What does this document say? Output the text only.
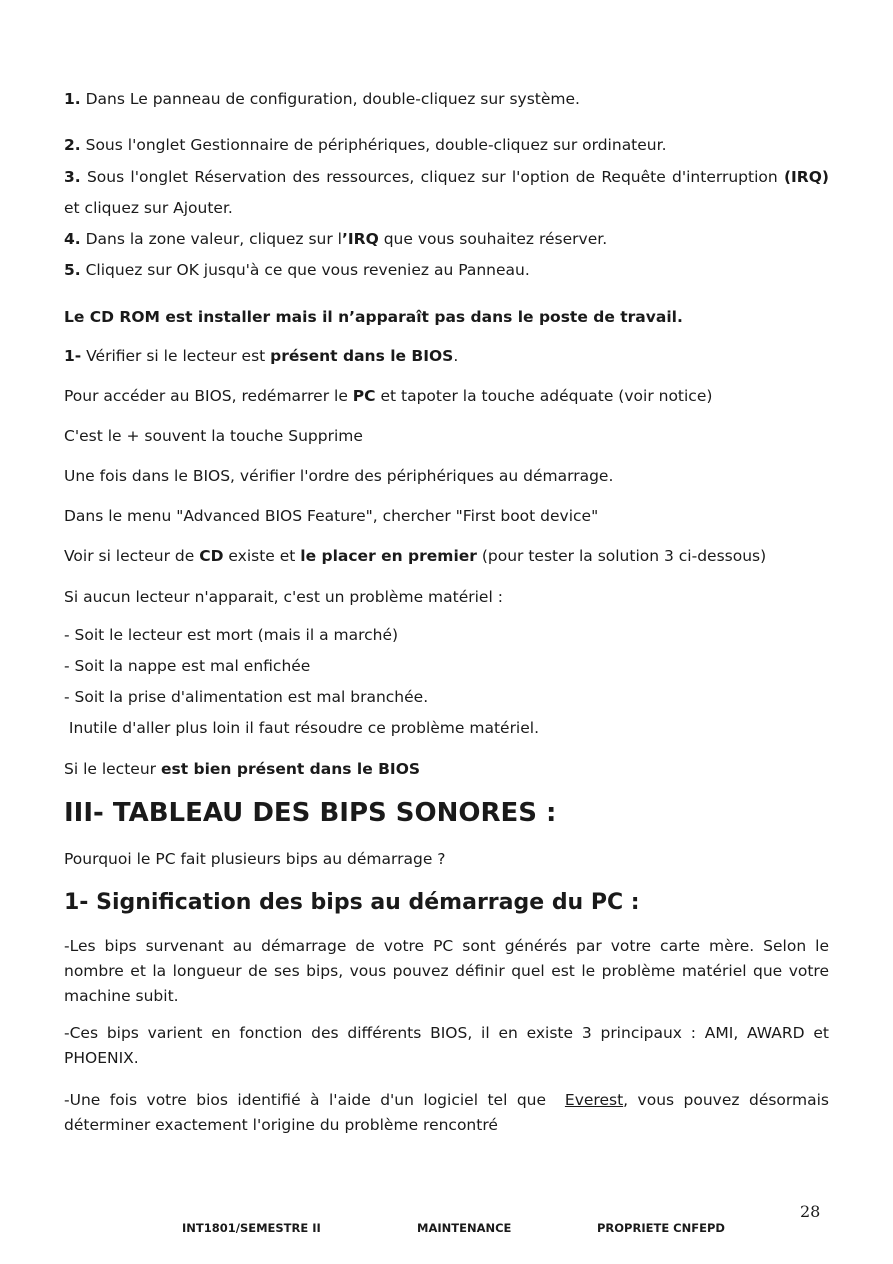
1. Dans Le panneau de configuration, double-cliquez sur système.
2. Sous l'onglet Gestionnaire de périphériques, double-cliquez sur ordinateur.
3. Sous l'onglet Réservation des ressources, cliquez sur l'option de Requête d'interruption (IRQ) et cliquez sur Ajouter.
4. Dans la zone valeur, cliquez sur l’IRQ que vous souhaitez réserver.
5. Cliquez sur OK jusqu'à ce que vous reveniez au Panneau.
Le CD ROM est installer mais il n’apparaît pas dans le poste de travail.
1- Vérifier si le lecteur est présent dans le BIOS.
Pour accéder au BIOS, redémarrer le PC et tapoter la touche adéquate (voir notice)
C'est le + souvent la touche Supprime
Une fois dans le BIOS, vérifier l'ordre des périphériques au démarrage.
Dans le menu "Advanced BIOS Feature", chercher "First boot device"
Voir si lecteur de CD existe et le placer en premier (pour tester la solution 3 ci-dessous)
Si aucun lecteur n'apparait, c'est un problème matériel :
- Soit le lecteur est mort (mais il a marché)
- Soit la nappe est mal enfichée
- Soit la prise d'alimentation est mal branchée.
Inutile d'aller plus loin il faut résoudre ce problème matériel.
Si le lecteur est bien présent dans le BIOS
III- TABLEAU DES BIPS SONORES :
Pourquoi le PC fait plusieurs bips au démarrage ?
1- Signification des bips au démarrage du PC :
-Les bips survenant au démarrage de votre PC sont générés par votre carte mère. Selon le nombre et la longueur de ses bips, vous pouvez définir quel est le problème matériel que votre machine subit.
-Ces bips varient en fonction des différents BIOS, il en existe 3 principaux : AMI, AWARD et PHOENIX.
-Une fois votre bios identifié à l'aide d'un logiciel tel que  Everest, vous pouvez désormais déterminer exactement l'origine du problème rencontré
28
INT1801/SEMESTRE II	MAINTENANCE	PROPRIETE CNFEPD
